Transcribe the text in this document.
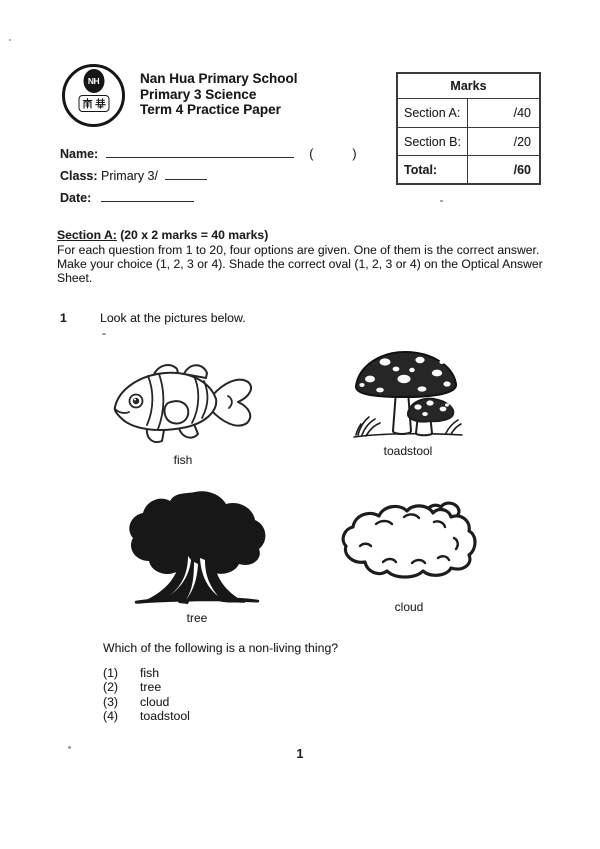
NH	Nan Hua Primary School
Primary 3 Science
Term 4 Practice Paper
Marks
Section A:	/40
Section B:	/20
Total:	/60
Name:	(	)
Class: Primary 3/
Date:
Section A: (20 x 2 marks = 40 marks)
For each question from 1 to 20, four options are given. One of them is the correct answer.
Make your choice (1, 2, 3 or 4). Shade the correct oval (1, 2, 3 or 4) on the Optical Answer
Sheet.
1	Look at the pictures below.
fish
toadstool
tree
cloud
Which of the following is a non-living thing?
(1)	fish
(2)	tree
(3)	cloud
(4)	toadstool
1
